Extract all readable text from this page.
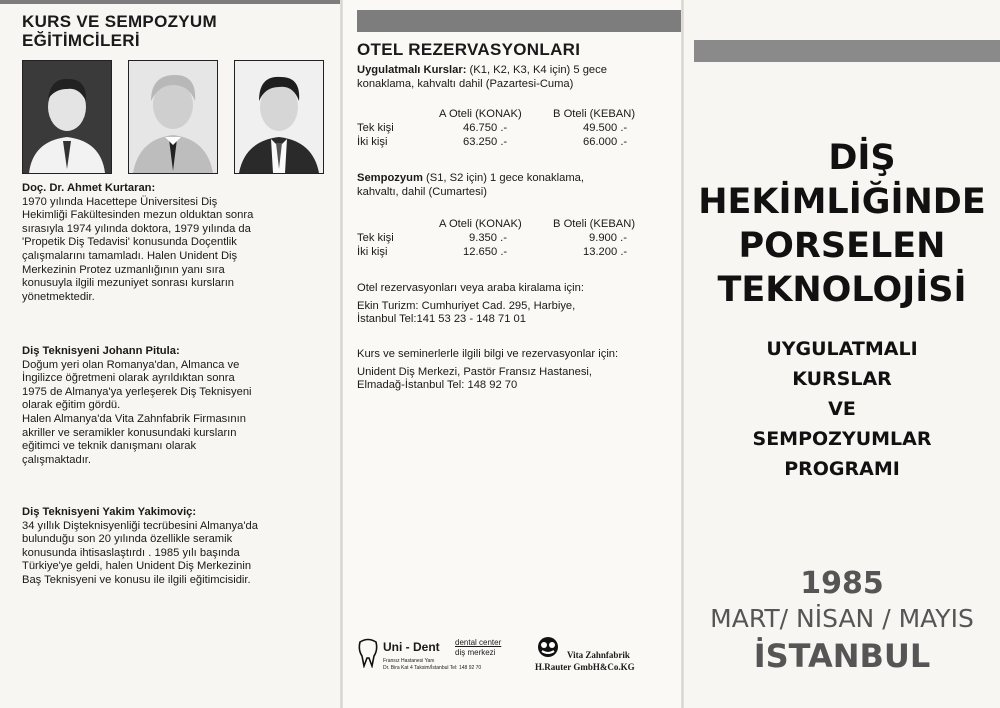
KURS VE SEMPOZYUM
EĞİTİMCİLERİ

Doç. Dr. Ahmet Kurtaran:

1970 yılında Hacettepe Üniversitesi Diş

Hekimliği Fakültesinden mezun olduktan sonra

sırasıyla 1974 yılında doktora, 1979 yılında da

'Propetik Diş Tedavisi' konusunda Doçentlik

çalışmalarını tamamladı. Halen Unident Diş

Merkezinin Protez uzmanlığının yanı sıra

konusuyla ilgili mezuniyet sonrası kursların

yönetmektedir.

Diş Teknisyeni Johann Pitula:

Doğum yeri olan Romanya'dan, Almanca ve

İngilizce öğretmeni olarak ayrıldıktan sonra

1975 de Almanya'ya yerleşerek Diş Teknisyeni

olarak eğitim gördü.

Halen Almanya'da Vita Zahnfabrik Firmasının

akriller ve seramikler konusundaki kursların

eğitimci ve teknik danışmanı olarak

çalışmaktadır.

Diş Teknisyeni Yakim Yakimoviç:

34 yıllık Dişteknisyenliği tecrübesini Almanya'da

bulunduğu son 20 yılında özellikle seramik

konusunda ihtisaslaştırdı . 1985 yılı başında

Türkiye'ye geldi, halen Unident Diş Merkezinin

Baş Teknisyeni ve konusu ile ilgili eğitimcisidir.

OTEL REZERVASYONLARI
Uygulatmalı Kurslar: (K1, K2, K3, K4 için) 5 gece
konaklama, kahvaltı dahil (Pazartesi-Cuma)
A Oteli (KONAK)	B Oteli (KEBAN)
Tek kişi	46.750 .-	49.500 .-
İki kişi	63.250 .-	66.000 .-
Sempozyum (S1, S2 için) 1 gece konaklama,
kahvaltı, dahil (Cumartesi)
A Oteli (KONAK)	B Oteli (KEBAN)
Tek kişi	9.350 .-	9.900 .-
İki kişi	12.650 .-	13.200 .-
Otel rezervasyonları veya araba kiralama için:
Ekin Turizm: Cumhuriyet Cad. 295, Harbiye,
İstanbul Tel:141 53 23 - 148 71 01
Kurs ve seminerlerle ilgili bilgi ve rezervasyonlar için:
Unident Diş Merkezi, Pastör Fransız Hastanesi,
Elmadağ-İstanbul Tel: 148 92 70
Uni - Dent dental center
diş merkezi
Fransız Hastanesi Yanı
Dr. Bira Kat 4 Taksim/İstanbul Tel: 148 92 70
Vita Zahnfabrik
H.Rauter GmbH&Co.KG
DİŞ
HEKİMLİĞİNDE
PORSELEN
TEKNOLOJİSİ
UYGULATMALI
KURSLAR
VE
SEMPOZYUMLAR
PROGRAMI
1985
MART/ NİSAN / MAYIS
İSTANBUL
